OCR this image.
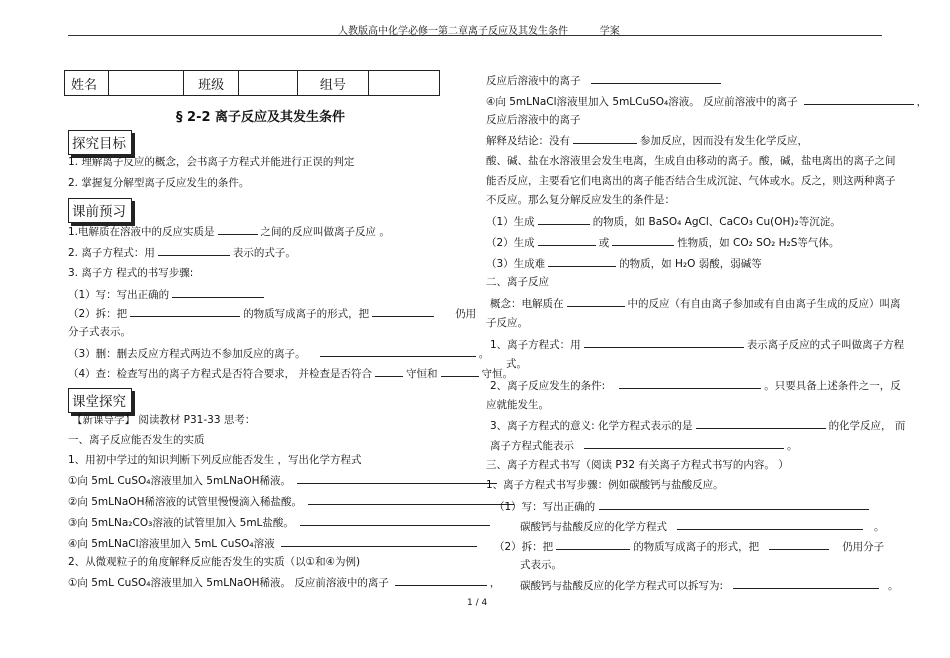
人教版高中化学必修一第二章离子反应及其发生条件	学案
姓名		班级		组号	
§ 2-2 离子反应及其发生条件
探究目标
1. 理解离子反应的概念，会书离子方程式并能进行正误的判定
2. 掌握复分解型离子反应发生的条件。
课前预习
1.电解质在溶液中的反应实质是	之间的反应叫做离子反应 。
2. 离子方程式：用	表示的式子。
3. 离子方 程式的书写步骤:
（1）写：写出正确的
（2）拆：把	的物质写成离子的形式，把	仍用
分子式表示。
（3）删：删去反应方程式两边不参加反应的离子。	。
（4）查：检查写出的离子方程式是否符合要求， 并检查是否符合	守恒和	守恒。
课堂探究
【新课导学】 阅读教材 P31-33 思考：
一、离子反应能否发生的实质
1、用初中学过的知识判断下列反应能否发生 ，写出化学方程式
①向 5mL CuSO₄溶液里加入 5mLNaOH稀液。
②向 5mLNaOH稀溶液的试管里慢慢滴入稀盐酸。
③向 5mLNa₂CO₃溶液的试管里加入 5mL盐酸。
④向 5mLNaCl溶液里加入 5mL CuSO₄溶液
2、从微观粒子的角度解释反应能否发生的实质（以①和④为例)
①向 5mL CuSO₄溶液里加入 5mLNaOH稀液。 反应前溶液中的离子	，
反应后溶液中的离子
④向 5mLNaCl溶液里加入 5mLCuSO₄溶液。 反应前溶液中的离子	，
反应后溶液中的离子
解释及结论：没有	参加反应，因而没有发生化学反应，
酸、碱、盐在水溶液里会发生电离，生成自由移动的离子。酸，碱，盐电离出的离子之间
能否反应，主要看它们电离出的离子能否结合生成沉淀、气体或水。反之，则这两种离子
不反应。那么复分解反应发生的条件是：
（1）生成	的物质，如 BaSO₄ AgCl、CaCO₃ Cu(OH)₂等沉淀。
（2）生成	或	性物质，如 CO₂ SO₂ H₂S等气体。
（3）生成难	的物质，如 H₂O 弱酸，弱碱等
二、离子反应
概念：电解质在	中的反应（有自由离子参加或有自由离子生成的反应）叫离
子反应。
1、离子方程式：用	表示离子反应的式子叫做离子方程
式。
2、离子反应发生的条件:	。只要具备上述条件之一，反
应就能发生。
3、离子方程式的意义: 化学方程式表示的是	的化学反应， 而
离子方程式能表示	。
三、离子方程式书写（阅读 P32 有关离子方程式书写的内容。 ）
1、离子方程式书写步骤：例如碳酸钙与盐酸反应。
（1）写：写出正确的
碳酸钙与盐酸反应的化学方程式	。
（2）拆：把	的物质写成离子的形式，把	仍用分子
式表示。
碳酸钙与盐酸反应的化学方程式可以拆写为:	。
1 / 4
